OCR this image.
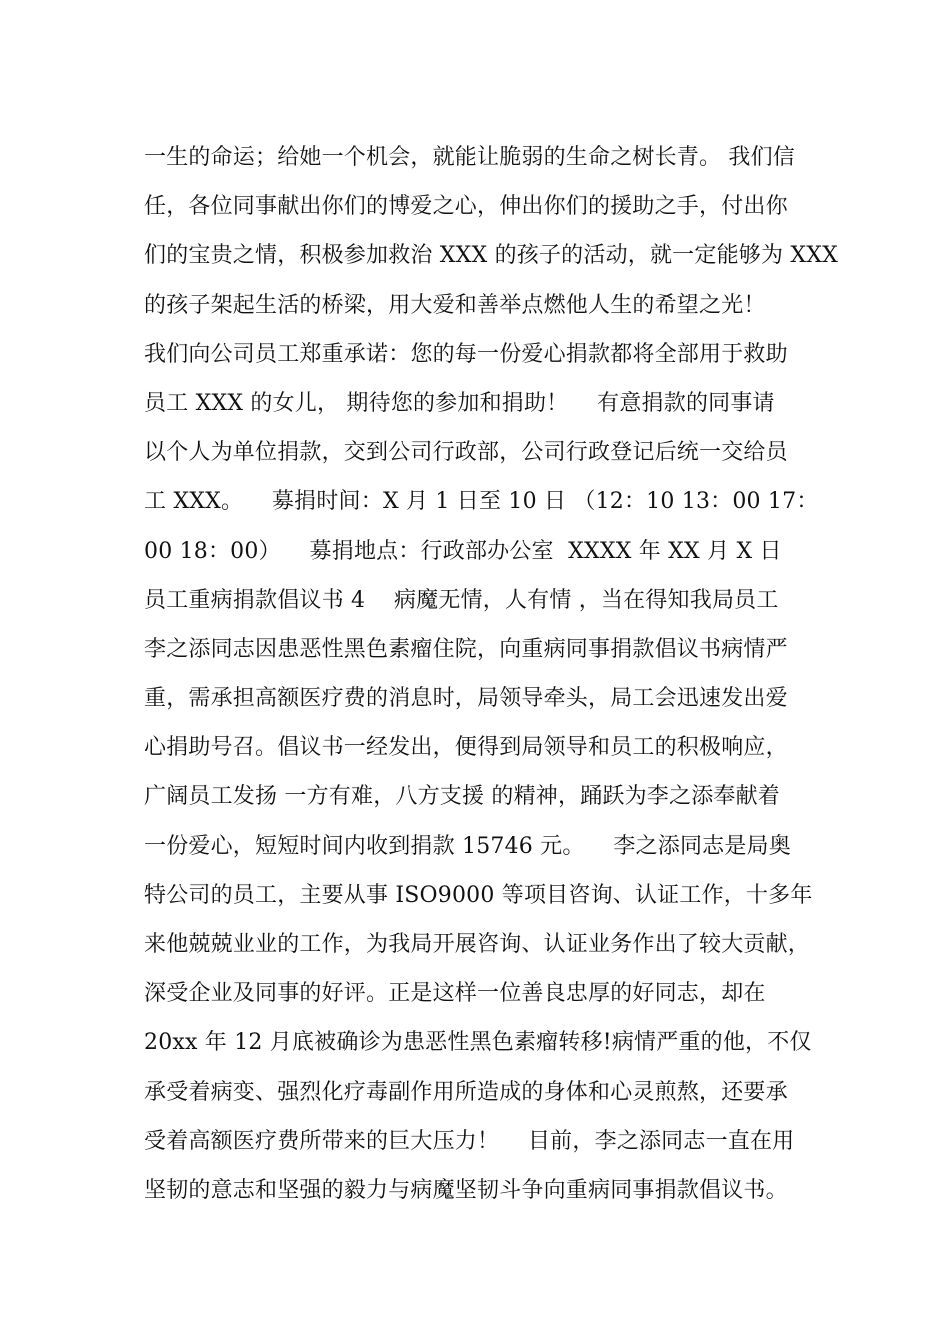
一生的命运；给她一个机会，就能让脆弱的生命之树长青。 我们信
任，各位同事献出你们的博爱之心，伸出你们的援助之手，付出你
们的宝贵之情，积极参加救治 XXX 的孩子的活动，就一定能够为 XXX
的孩子架起生活的桥梁，用大爱和善举点燃他人生的希望之光！
我们向公司员工郑重承诺：您的每一份爱心捐款都将全部用于救助
员工 XXX 的女儿， 期待您的参加和捐助！    有意捐款的同事请
以个人为单位捐款，交到公司行政部，公司行政登记后统一交给员
工 XXX。    募捐时间：X 月 1 日至 10 日 （12：10 13：00 17：
00 18：00）    募捐地点：行政部办公室  XXXX 年 XX 月 X 日
员工重病捐款倡议书 4    病魔无情，人有情 ，当在得知我局员工
李之添同志因患恶性黑色素瘤住院，向重病同事捐款倡议书病情严
重，需承担高额医疗费的消息时，局领导牵头，局工会迅速发出爱
心捐助号召。倡议书一经发出，便得到局领导和员工的积极响应，
广阔员工发扬 一方有难，八方支援 的精神，踊跃为李之添奉献着
一份爱心，短短时间内收到捐款 15746 元。    李之添同志是局奥
特公司的员工，主要从事 ISO9000 等项目咨询、认证工作，十多年
来他兢兢业业的工作，为我局开展咨询、认证业务作出了较大贡献，
深受企业及同事的好评。正是这样一位善良忠厚的好同志，却在
20xx 年 12 月底被确诊为患恶性黑色素瘤转移!病情严重的他，不仅
承受着病变、强烈化疗毒副作用所造成的身体和心灵煎熬，还要承
受着高额医疗费所带来的巨大压力！    目前，李之添同志一直在用
坚韧的意志和坚强的毅力与病魔坚韧斗争向重病同事捐款倡议书。
